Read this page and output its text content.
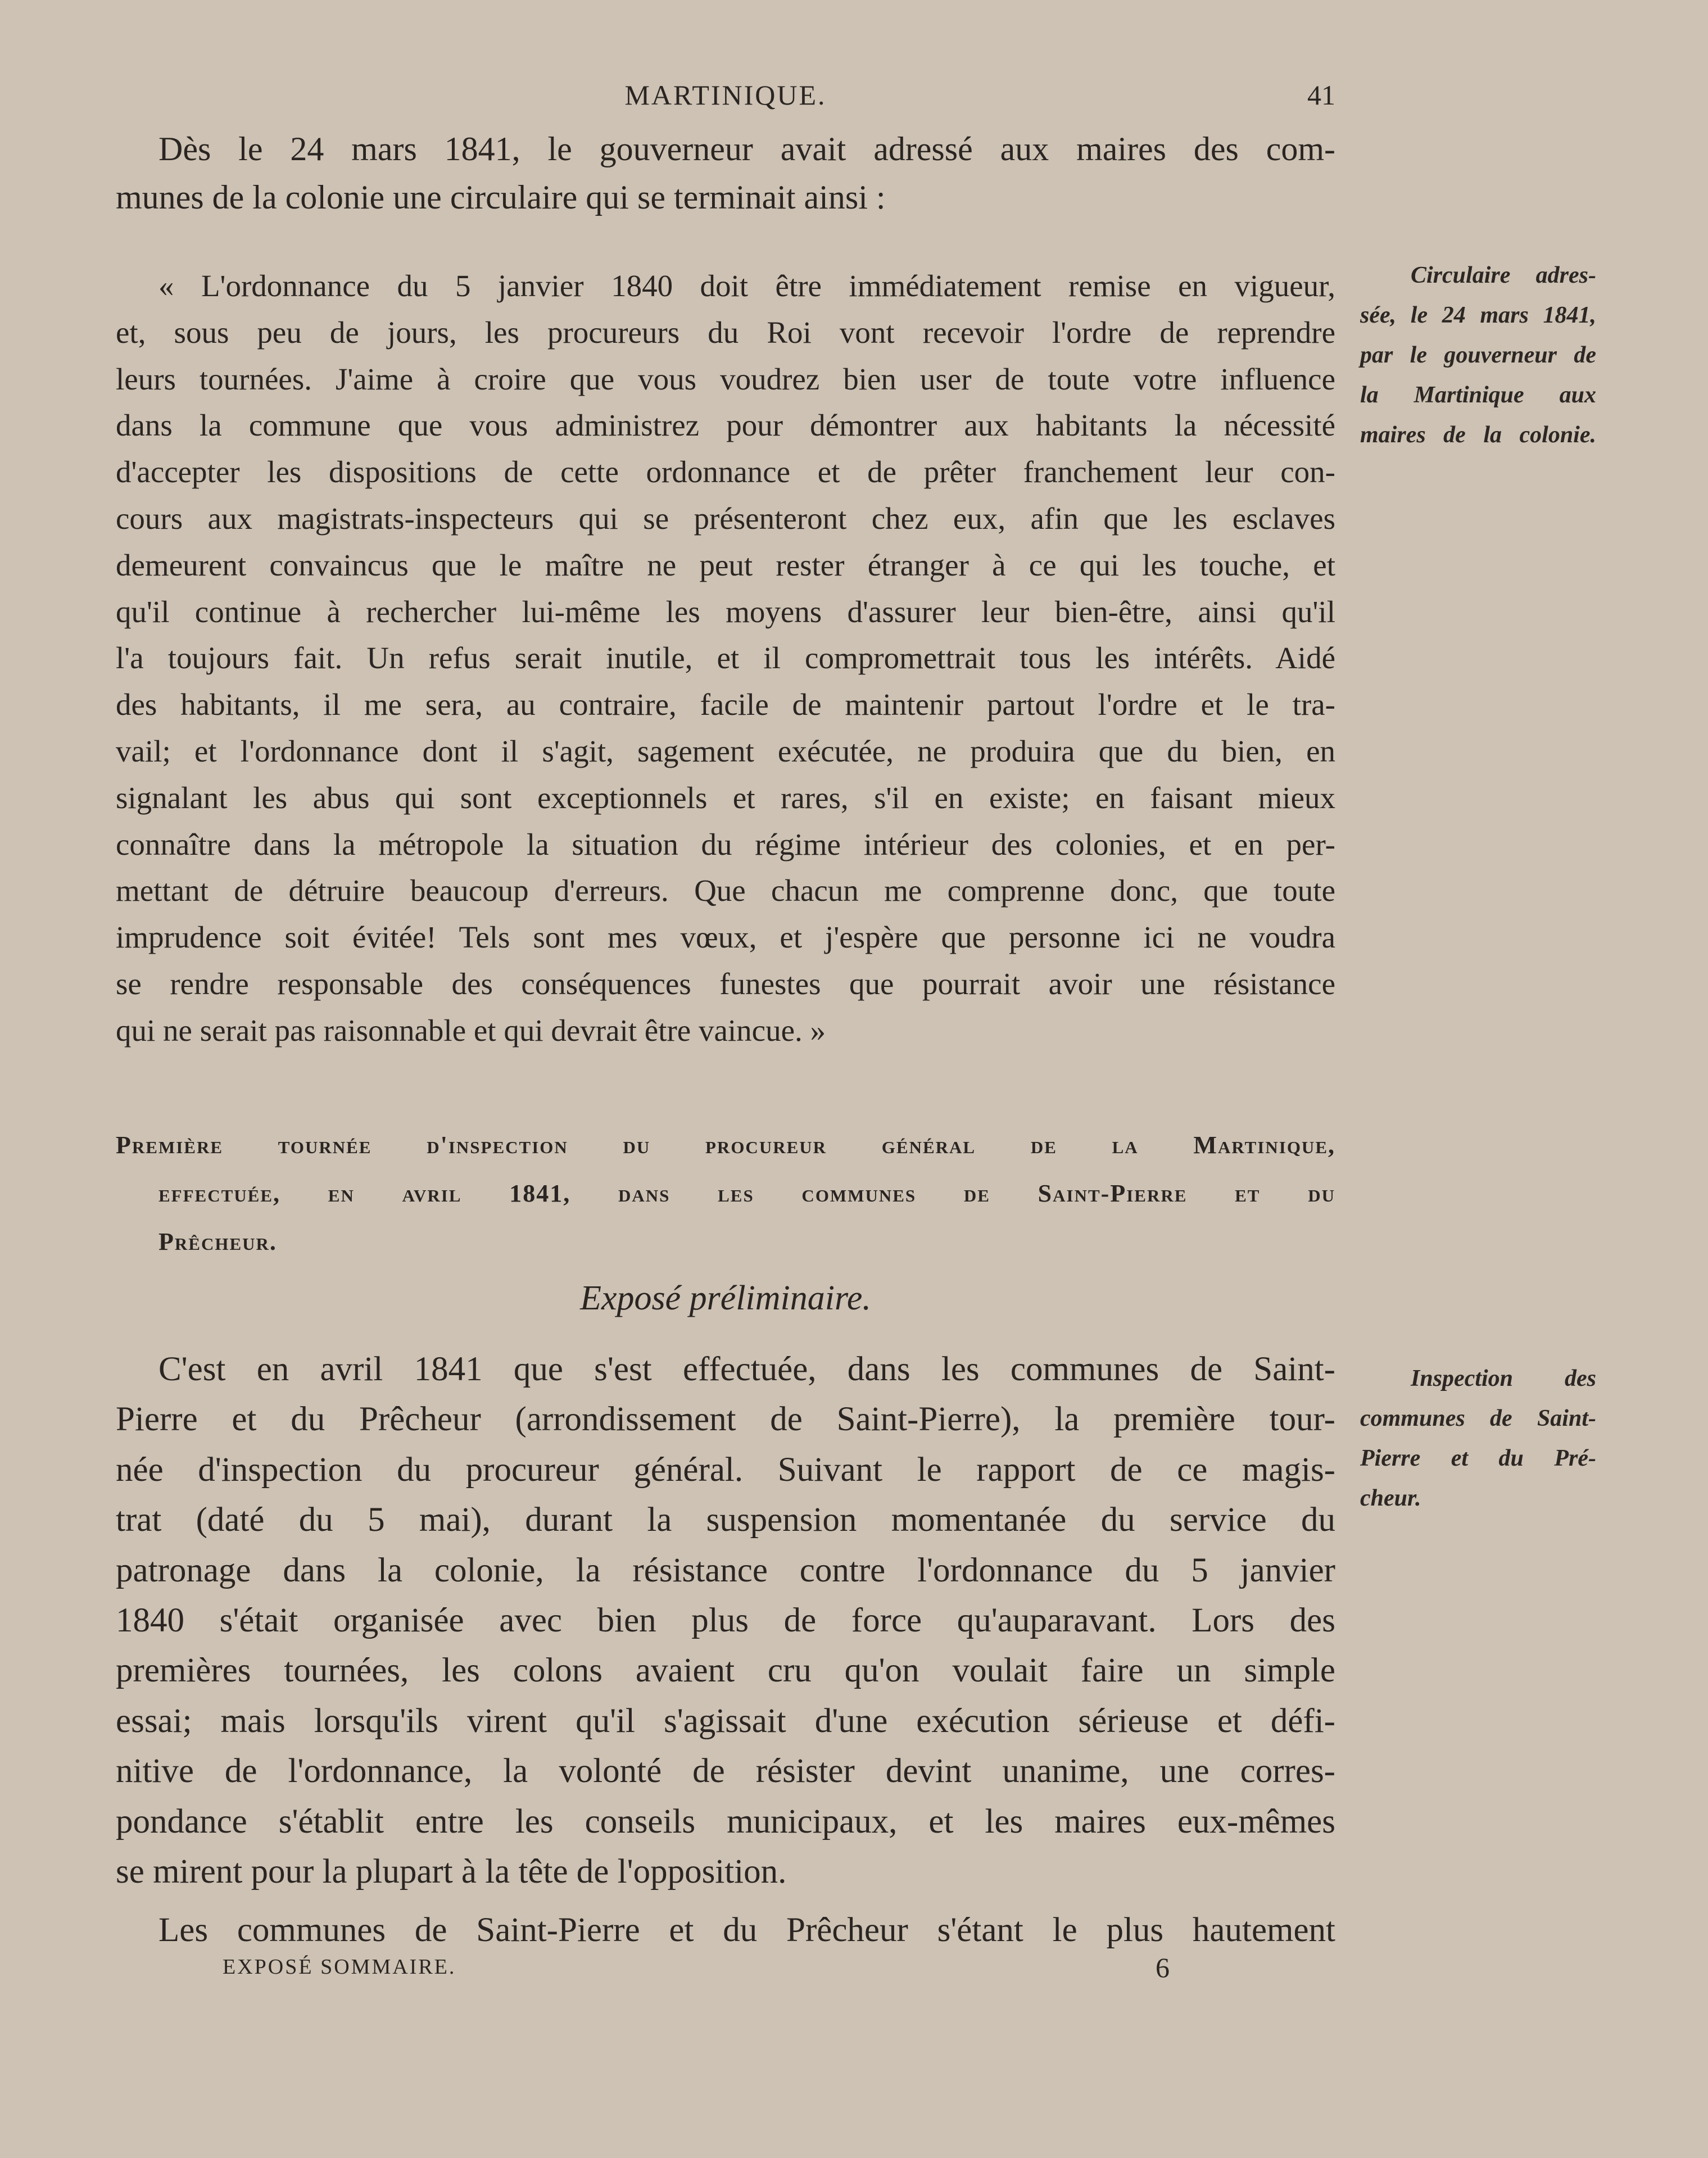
MARTINIQUE.	41
Dès le 24 mars 1841, le gouverneur avait adressé aux maires des com-
munes de la colonie une circulaire qui se terminait ainsi :
« L'ordonnance du 5 janvier 1840 doit être immédiatement remise en vigueur,
et, sous peu de jours, les procureurs du Roi vont recevoir l'ordre de reprendre
leurs tournées. J'aime à croire que vous voudrez bien user de toute votre influence
dans la commune que vous administrez pour démontrer aux habitants la nécessité
d'accepter les dispositions de cette ordonnance et de prêter franchement leur con-
cours aux magistrats-inspecteurs qui se présenteront chez eux, afin que les esclaves
demeurent convaincus que le maître ne peut rester étranger à ce qui les touche, et
qu'il continue à rechercher lui-même les moyens d'assurer leur bien-être, ainsi qu'il
l'a toujours fait. Un refus serait inutile, et il compromettrait tous les intérêts. Aidé
des habitants, il me sera, au contraire, facile de maintenir partout l'ordre et le tra-
vail; et l'ordonnance dont il s'agit, sagement exécutée, ne produira que du bien, en
signalant les abus qui sont exceptionnels et rares, s'il en existe; en faisant mieux
connaître dans la métropole la situation du régime intérieur des colonies, et en per-
mettant de détruire beaucoup d'erreurs. Que chacun me comprenne donc, que toute
imprudence soit évitée! Tels sont mes vœux, et j'espère que personne ici ne voudra
se rendre responsable des conséquences funestes que pourrait avoir une résistance
qui ne serait pas raisonnable et qui devrait être vaincue. »
Circulaire adres-
sée, le 24 mars 1841,
par le gouverneur de
la Martinique aux
maires de la colonie.
Première tournée d'inspection du procureur général de la Martinique,
effectuée, en avril 1841, dans les communes de Saint-Pierre et du
Prêcheur.
Exposé préliminaire.
C'est en avril 1841 que s'est effectuée, dans les communes de Saint-
Pierre et du Prêcheur (arrondissement de Saint-Pierre), la première tour-
née d'inspection du procureur général. Suivant le rapport de ce magis-
trat (daté du 5 mai), durant la suspension momentanée du service du
patronage dans la colonie, la résistance contre l'ordonnance du 5 janvier
1840 s'était organisée avec bien plus de force qu'auparavant. Lors des
premières tournées, les colons avaient cru qu'on voulait faire un simple
essai; mais lorsqu'ils virent qu'il s'agissait d'une exécution sérieuse et défi-
nitive de l'ordonnance, la volonté de résister devint unanime, une corres-
pondance s'établit entre les conseils municipaux, et les maires eux-mêmes
se mirent pour la plupart à la tête de l'opposition.
Inspection des
communes de Saint-
Pierre et du Pré-
cheur.
Les communes de Saint-Pierre et du Prêcheur s'étant le plus hautement
EXPOSÉ SOMMAIRE.	6
